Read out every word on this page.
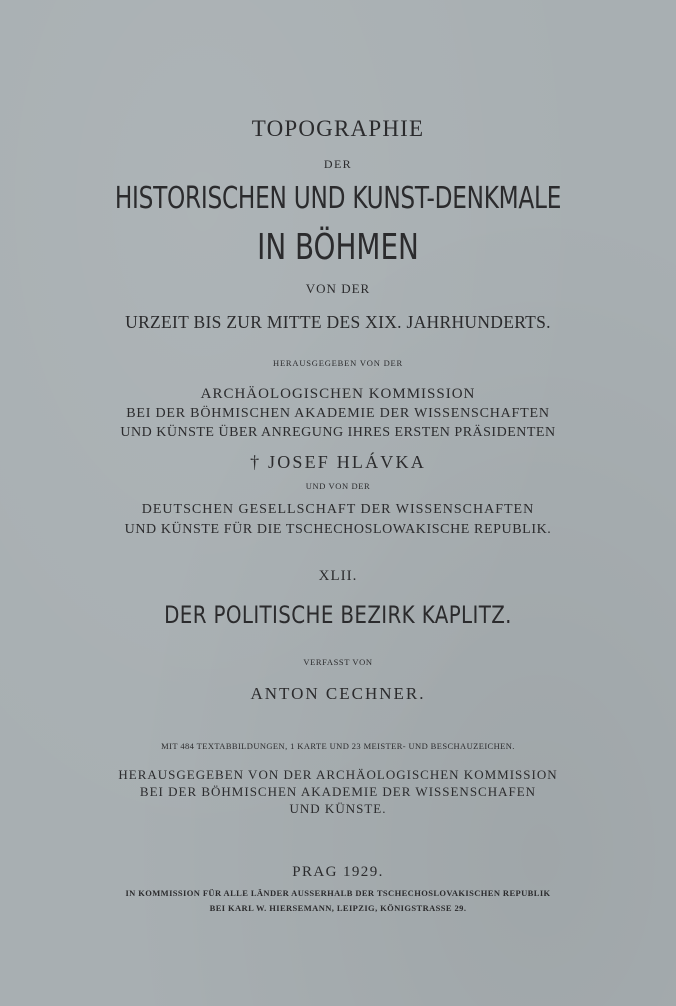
TOPOGRAPHIE

DER

HISTORISCHEN UND KUNST-DENKMALE

IN BÖHMEN

VON DER

URZEIT BIS ZUR MITTE DES XIX. JAHRHUNDERTS.

HERAUSGEGEBEN VON DER

ARCHÄOLOGISCHEN KOMMISSION

BEI DER BÖHMISCHEN AKADEMIE DER WISSENSCHAFTEN

UND KÜNSTE ÜBER ANREGUNG IHRES ERSTEN PRÄSIDENTEN

† JOSEF HLÁVKA

UND VON DER

DEUTSCHEN GESELLSCHAFT DER WISSENSCHAFTEN

UND KÜNSTE FÜR DIE TSCHECHOSLOWAKISCHE REPUBLIK.

XLII.

DER POLITISCHE BEZIRK KAPLITZ.

VERFASST VON

ANTON CECHNER.

MIT 484 TEXTABBILDUNGEN, 1 KARTE UND 23 MEISTER- UND BESCHAUZEICHEN.

HERAUSGEGEBEN VON DER ARCHÄOLOGISCHEN KOMMISSION

BEI DER BÖHMISCHEN AKADEMIE DER WISSENSCHAFEN

UND KÜNSTE.

PRAG 1929.

IN KOMMISSION FÜR ALLE LÄNDER AUSSERHALB DER TSCHECHOSLOVAKISCHEN REPUBLIK

BEI KARL W. HIERSEMANN, LEIPZIG, KÖNIGSTRASSE 29.
